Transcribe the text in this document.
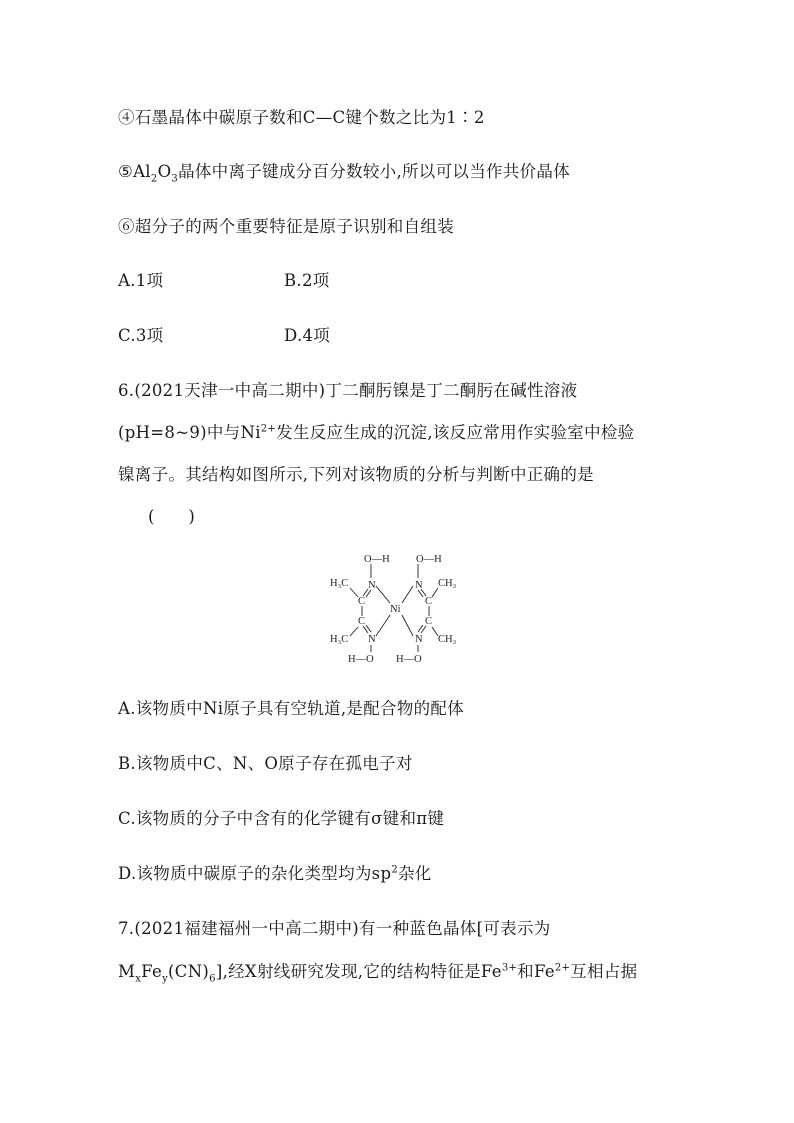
④石墨晶体中碳原子数和C—C键个数之比为1∶2
$⑤Al_2O_3$晶体中离子键成分百分数较小,所以可以当作共价晶体
⑥超分子的两个重要特征是原子识别和自组装
A.1项	B.2项
C.3项	D.4项
6.(2021天津一中高二期中)丁二酮肟镍是丁二酮肟在碱性溶液
(pH=8~9)中与$Ni^{2+}$发生反应生成的沉淀,该反应常用作实验室中检验
镍离子。其结构如图所示,下列对该物质的分析与判断中正确的是
(　　)
O—H	O—H
N	N
H₃C	CH₃
C	C
Ni
C	C
H₃C	CH₃
N	N
H—O H—O
A.该物质中Ni原子具有空轨道,是配合物的配体
B.该物质中C、N、O原子存在孤电子对
C.该物质的分子中含有的化学键有σ键和π键
D.该物质中碳原子的杂化类型均为$sp^2$杂化
7.(2021福建福州一中高二期中)有一种蓝色晶体[可表示为
$M_xFe_y(CN)_6$],经X射线研究发现,它的结构特征是$Fe^{3+}$和$Fe^{2+}$互相占据
